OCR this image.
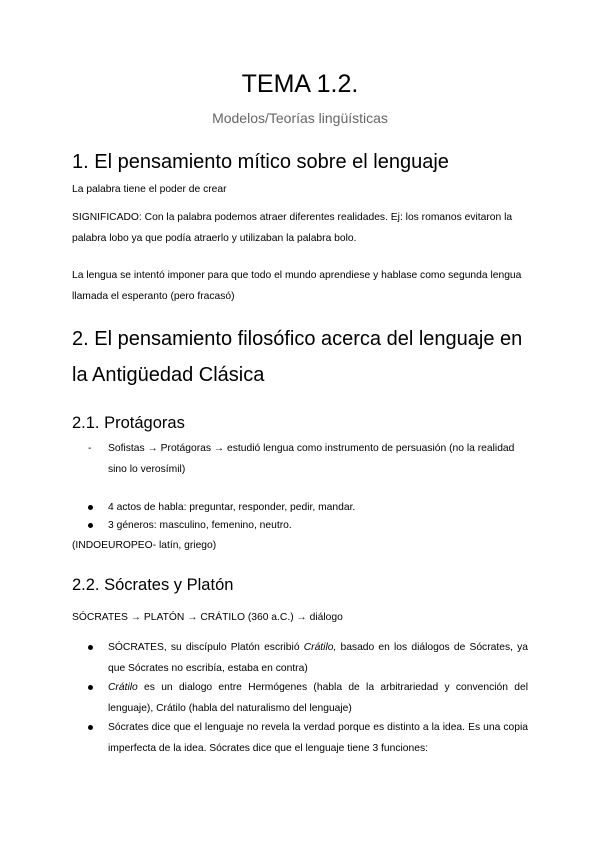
TEMA 1.2.
Modelos/Teorías lingüísticas
1. El pensamiento mítico sobre el lenguaje
La palabra tiene el poder de crear
SIGNIFICADO: Con la palabra podemos atraer diferentes realidades. Ej: los romanos evitaron la palabra lobo ya que podía atraerlo y utilizaban la palabra bolo.
La lengua se intentó imponer para que todo el mundo aprendiese y hablase como segunda lengua llamada el esperanto (pero fracasó)
2. El pensamiento filosófico acerca del lenguaje en la Antigüedad Clásica
2.1. Protágoras
- Sofistas → Protágoras → estudió lengua como instrumento de persuasión (no la realidad sino lo verosímil)
4 actos de habla: preguntar, responder, pedir, mandar.
3 géneros: masculino, femenino, neutro.
(INDOEUROPEO- latín, griego)
2.2. Sócrates y Platón
SÓCRATES → PLATÓN → CRÁTILO (360 a.C.) → diálogo
SÓCRATES, su discípulo Platón escribió Crátilo, basado en los diálogos de Sócrates, ya que Sócrates no escribía, estaba en contra)
Crátilo es un dialogo entre Hermógenes (habla de la arbitrariedad y convención del lenguaje), Crátilo (habla del naturalismo del lenguaje)
Sócrates dice que el lenguaje no revela la verdad porque es distinto a la idea. Es una copia imperfecta de la idea. Sócrates dice que el lenguaje tiene 3 funciones:
